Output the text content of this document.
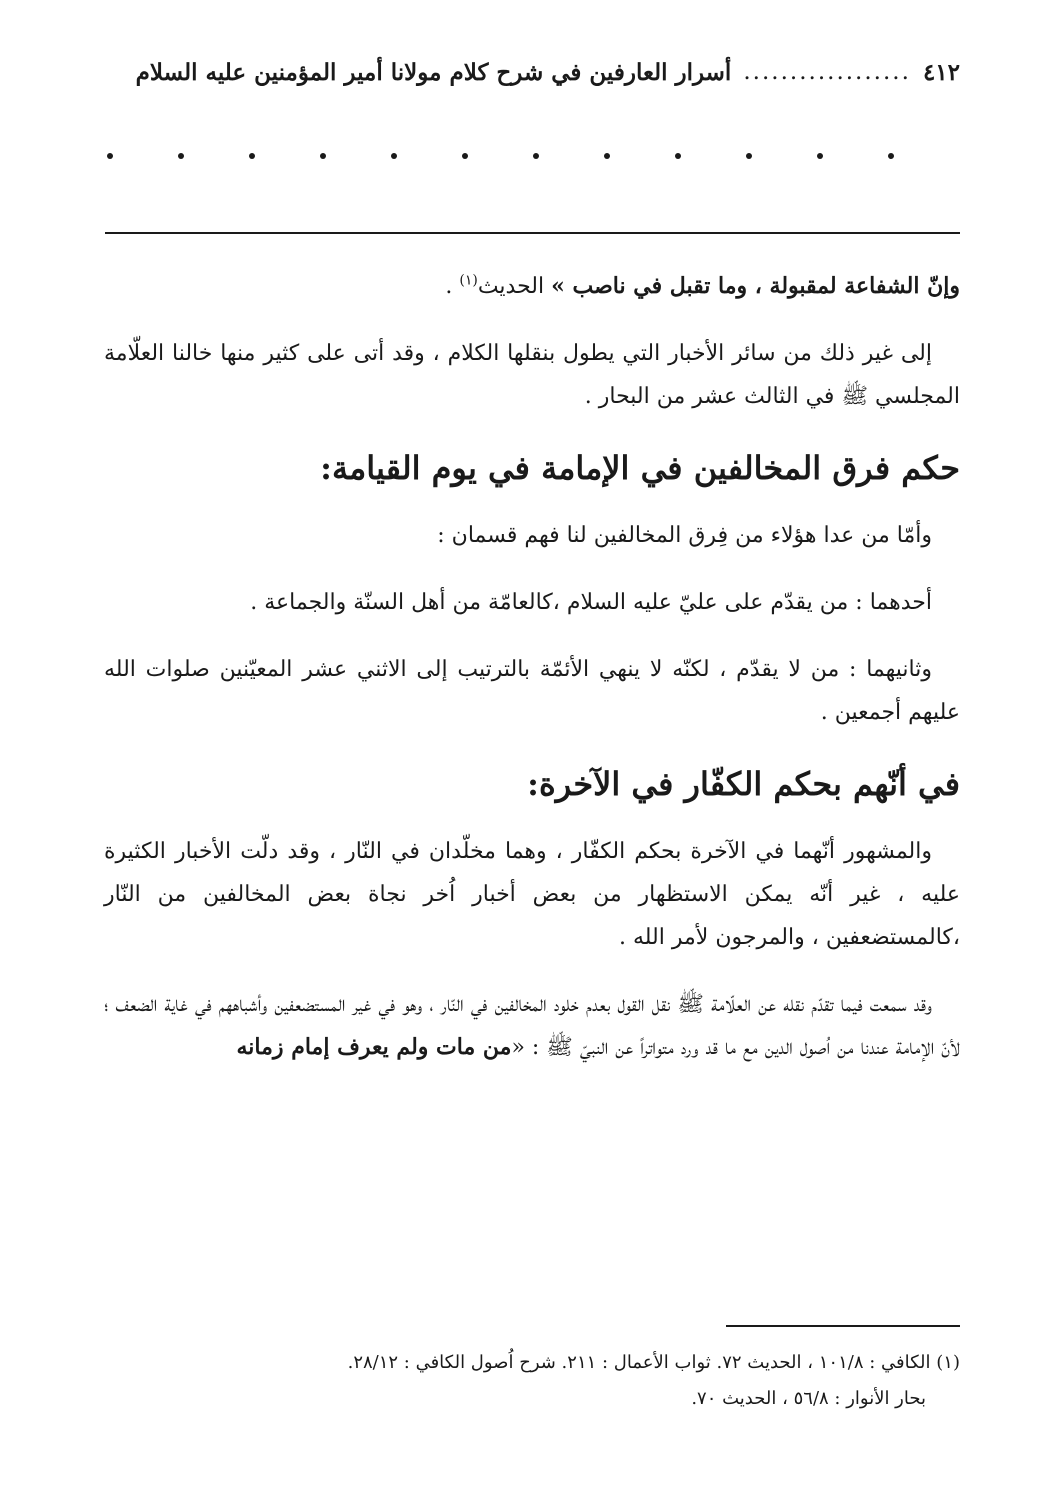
٤١٢
..................
أسرار العارفين في شرح كلام مولانا أمير المؤمنين عليه السلام

وإنّ الشفاعة لمقبولة ، وما تقبل في ناصب » الحديث$^{(١)}$ .

إلى غير ذلك من سائر الأخبار التي يطول بنقلها الكلام ، وقد أتى على كثير منها خالنا العلّامة المجلسي ﷺ في الثالث عشر من البحار .

حكم فرق المخالفين في الإمامة في يوم القيامة:

وأمّا من عدا هؤلاء من فِرق المخالفين لنا فهم قسمان :

أحدهما : من يقدّم على عليّ عليه السلام ،كالعامّة من أهل السنّة والجماعة .

وثانيهما : من لا يقدّم ، لكنّه لا ينهي الأئمّة بالترتيب إلى الاثني عشر المعيّنين صلوات الله عليهم أجمعين .

في أنّهم بحكم الكفّار في الآخرة:

والمشهور أنّهما في الآخرة بحكم الكفّار ، وهما مخلّدان في النّار ، وقد دلّت الأخبار الكثيرة عليه ، غير أنّه يمكن الاستظهار من بعض أخبار اُخر نجاة بعض المخالفين من النّار ،كالمستضعفين ، والمرجون لأمر الله .

وقد سمعت فيما تقدّم نقله عن العلّامة ﷺ نقل القول بعدم خلود المخالفين في النّار ، وهو في غير المستضعفين وأشباههم في غاية الضعف ؛ لأنّ الإمامة عندنا من اُصول الدين مع ما قد ورد متواتراً عن النبيّ ﷺ : «من مات ولم يعرف إمام زمانه

(١) الكافي : ١٠١/٨ ، الحديث ٧٢. ثواب الأعمال : ٢١١. شرح اُصول الكافي : ٢٨/١٢.

بحار الأنوار : ٥٦/٨ ، الحديث ٧٠.
